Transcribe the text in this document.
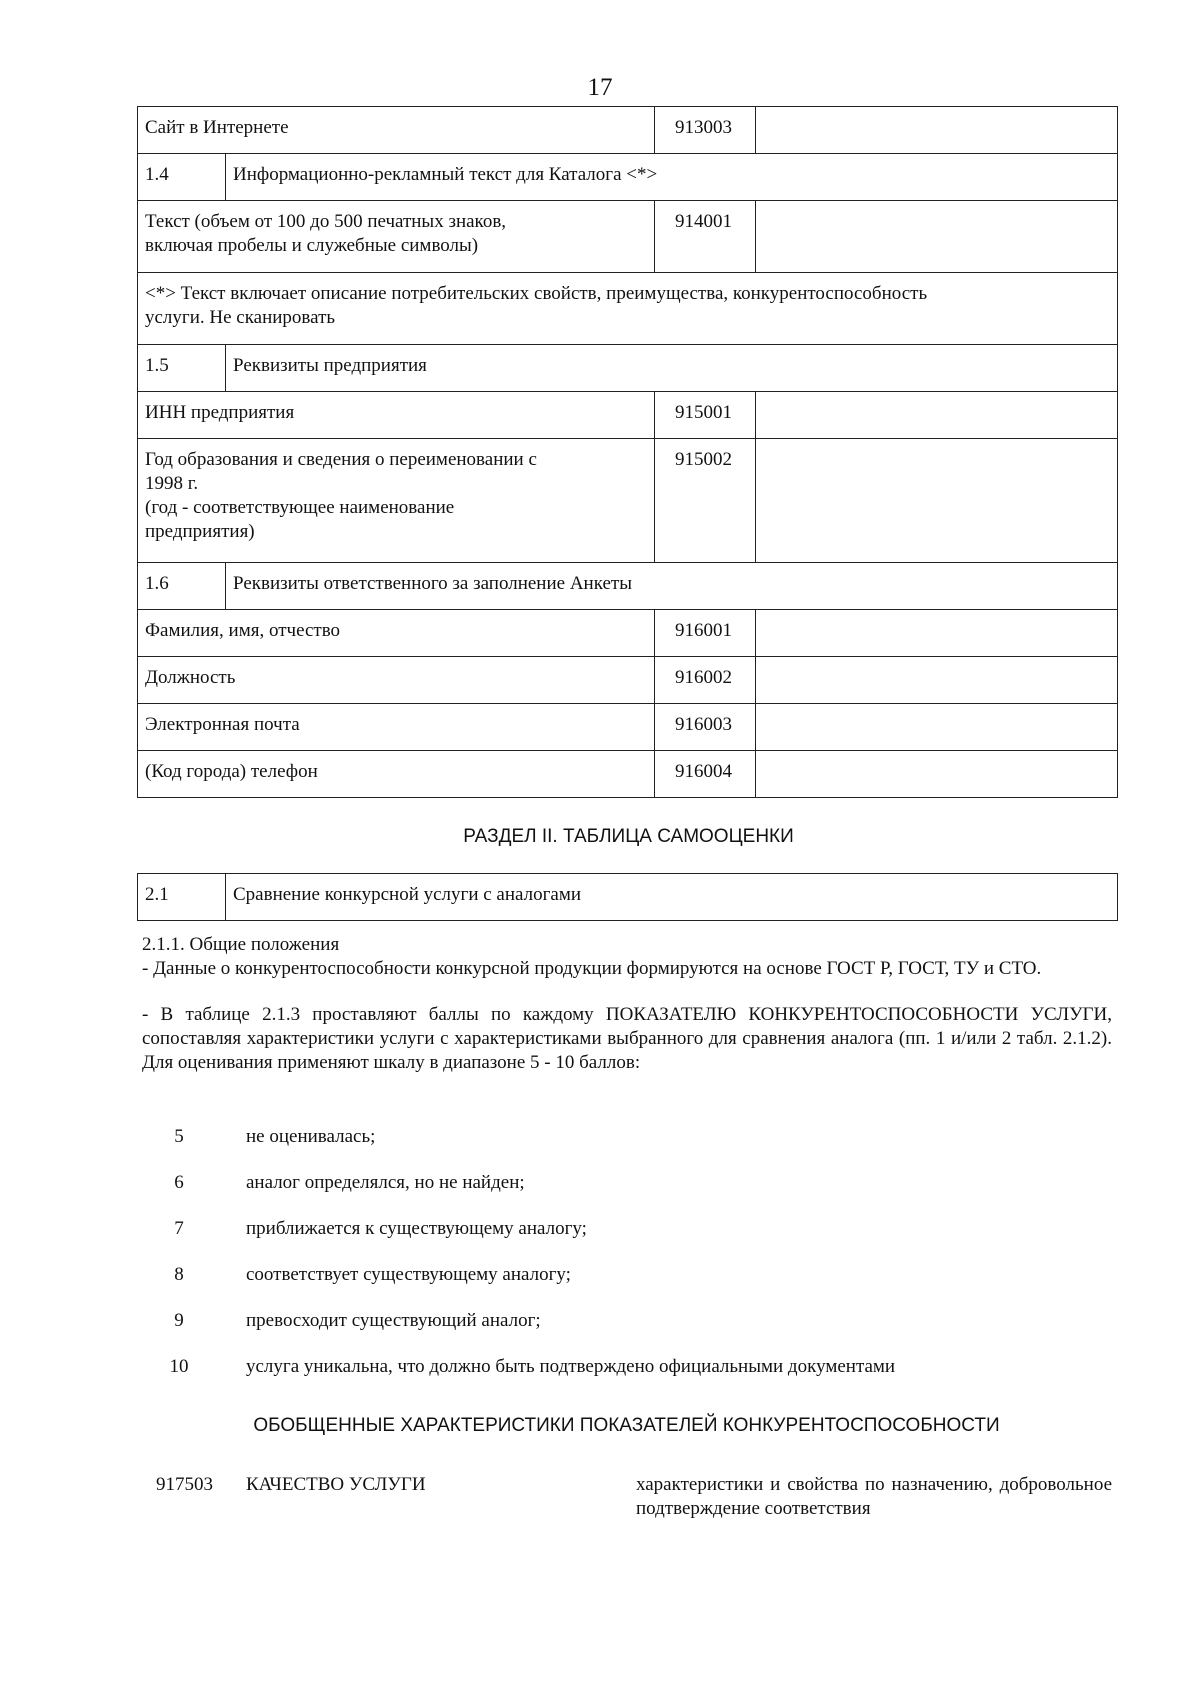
17
Сайт в Интернете		913003	
1.4	Информационно-рекламный текст для Каталога <*>		

Текст (объем от 100 до 500 печатных знаков,
включая пробелы и служебные символы)		914001	

<*> Текст включает описание потребительских свойств, преимущества, конкурентоспособность
услуги. Не сканировать			

1.5	Реквизиты предприятия		
ИНН предприятия		915001	

Год образования и сведения о переименовании с
1998 г.
(год - соответствующее наименование
предприятия)		915002	
1.6	Реквизиты ответственного за заполнение Анкеты		
Фамилия, имя, отчество		916001	
Должность		916002	
Электронная почта		916003	
(Код города) телефон		916004	
РАЗДЕЛ II. ТАБЛИЦА САМООЦЕНКИ
2.1	Сравнение конкурсной услуги с аналогами

2.1.1. Общие положения

- Данные о конкурентоспособности конкурсной продукции формируются на основе ГОСТ Р, ГОСТ, ТУ и СТО.

- В таблице 2.1.3 проставляют баллы по каждому ПОКАЗАТЕЛЮ КОНКУРЕНТОСПОСОБНОСТИ УСЛУГИ, сопоставляя характеристики услуги с характеристиками выбранного для сравнения аналога (пп. 1 и/или 2 табл. 2.1.2). Для оценивания применяют шкалу в диапазоне 5 - 10 баллов:

5	не оценивалась;
6	аналог определялся, но не найден;
7	приближается к существующему аналогу;
8	соответствует существующему аналогу;
9	превосходит существующий аналог;
10	услуга уникальна, что должно быть подтверждено официальными документами
ОБОБЩЕННЫЕ ХАРАКТЕРИСТИКИ ПОКАЗАТЕЛЕЙ КОНКУРЕНТОСПОСОБНОСТИ
917503 КАЧЕСТВО УСЛУГИ	характеристики и свойства по назначению, добровольное подтверждение соответствия
